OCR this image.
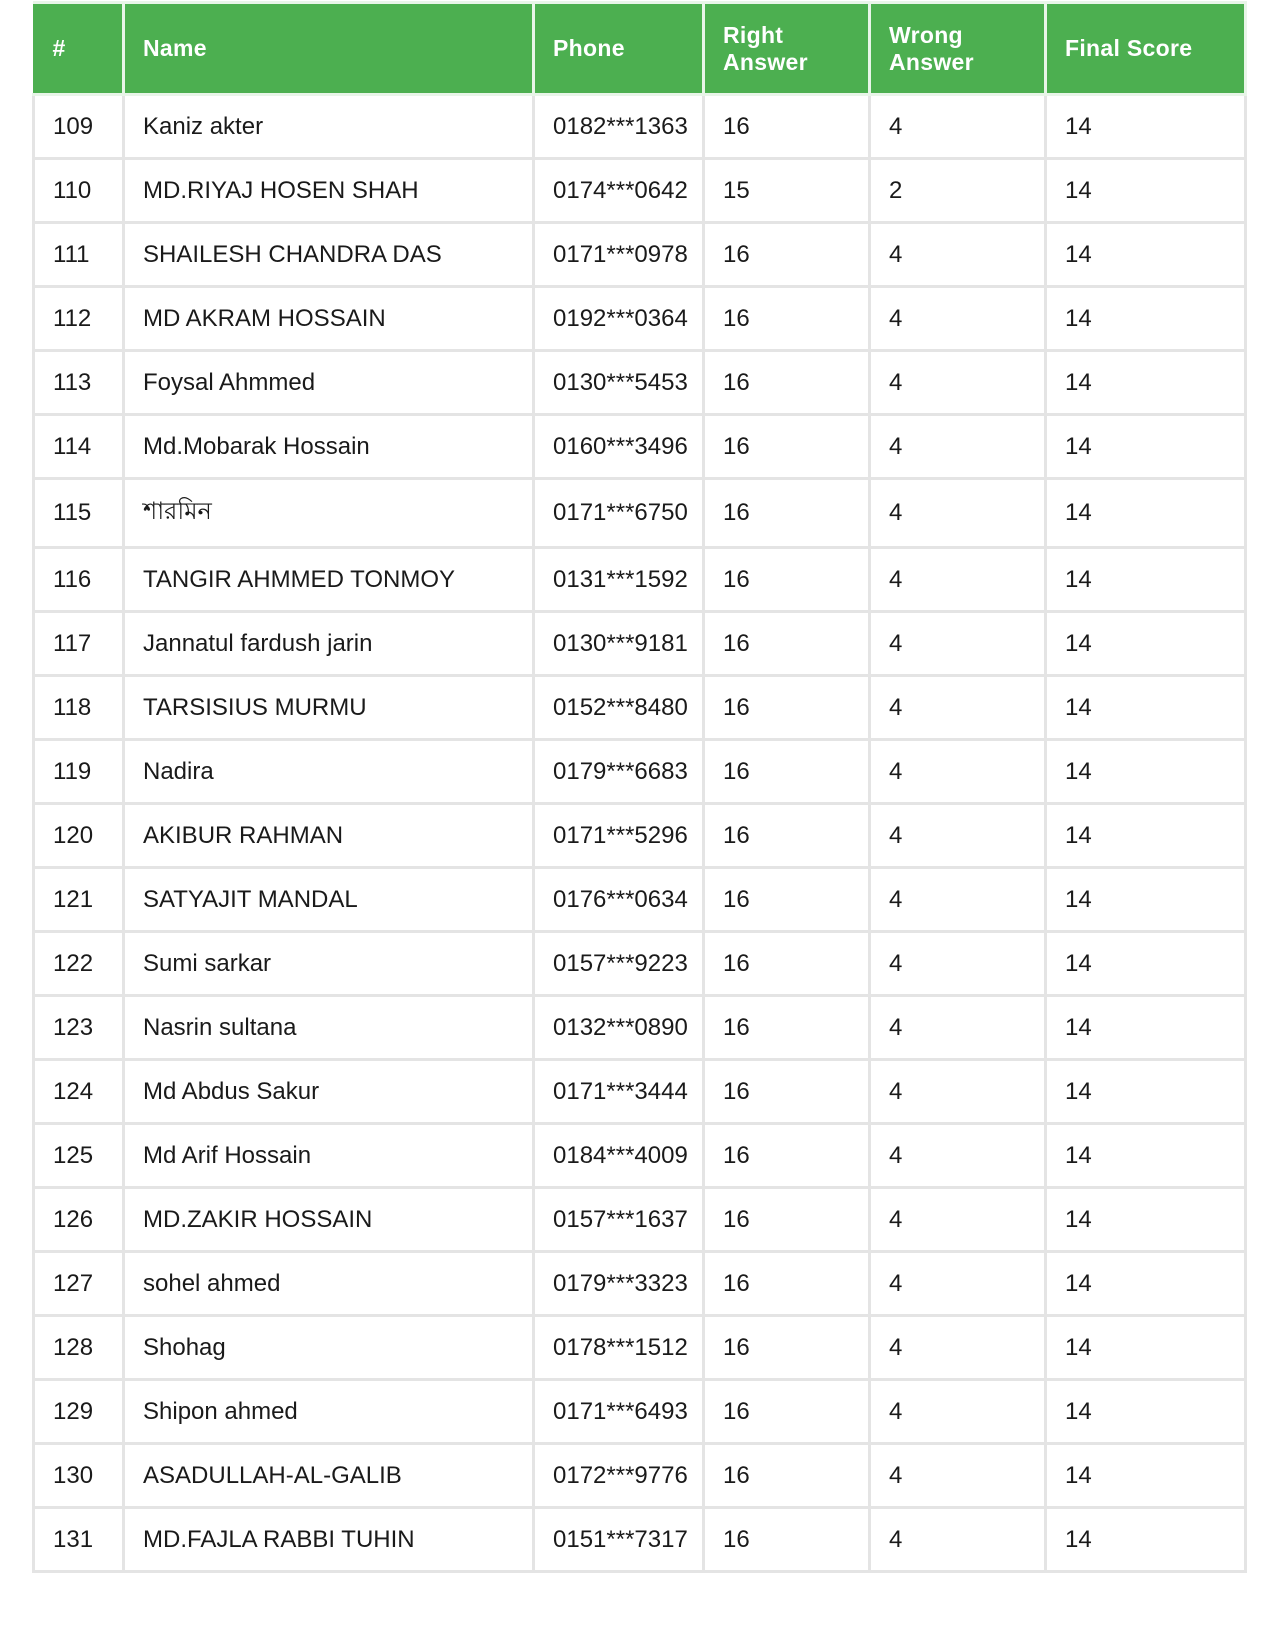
#	Name	Phone	Right Answer	Wrong Answer	Final Score
109	Kaniz akter	0182***1363	16	4	14
110	MD.RIYAJ HOSEN SHAH	0174***0642	15	2	14
111	SHAILESH CHANDRA DAS	0171***0978	16	4	14
112	MD AKRAM HOSSAIN	0192***0364	16	4	14
113	Foysal Ahmmed	0130***5453	16	4	14
114	Md.Mobarak Hossain	0160***3496	16	4	14
115	শারমিন	0171***6750	16	4	14
116	TANGIR AHMMED TONMOY	0131***1592	16	4	14
117	Jannatul fardush jarin	0130***9181	16	4	14
118	TARSISIUS MURMU	0152***8480	16	4	14
119	Nadira	0179***6683	16	4	14
120	AKIBUR RAHMAN	0171***5296	16	4	14
121	SATYAJIT MANDAL	0176***0634	16	4	14
122	Sumi sarkar	0157***9223	16	4	14
123	Nasrin sultana	0132***0890	16	4	14
124	Md Abdus Sakur	0171***3444	16	4	14
125	Md Arif Hossain	0184***4009	16	4	14
126	MD.ZAKIR HOSSAIN	0157***1637	16	4	14
127	sohel ahmed	0179***3323	16	4	14
128	Shohag	0178***1512	16	4	14
129	Shipon ahmed	0171***6493	16	4	14
130	ASADULLAH-AL-GALIB	0172***9776	16	4	14
131	MD.FAJLA RABBI TUHIN	0151***7317	16	4	14
